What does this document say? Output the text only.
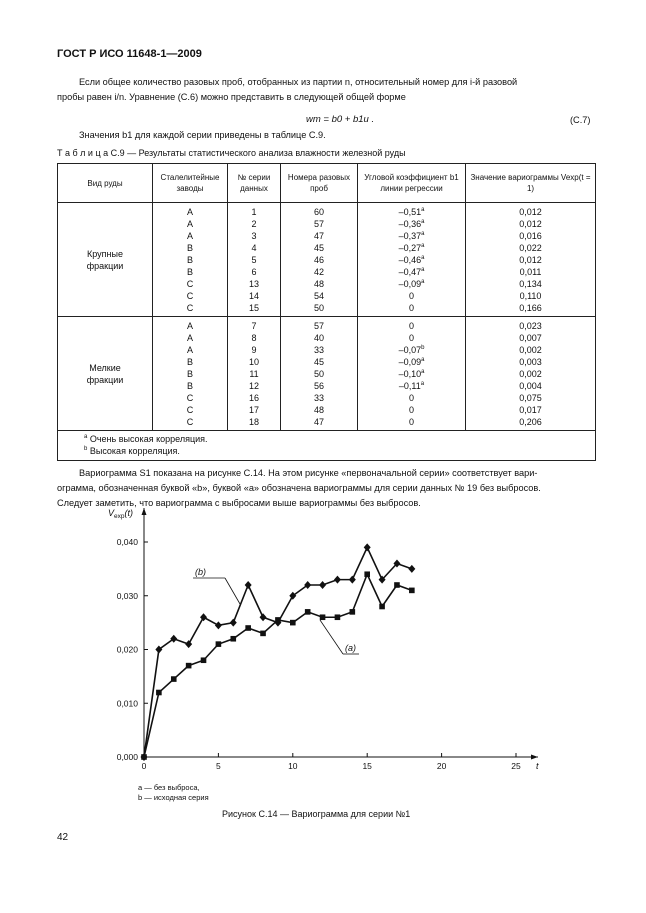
ГОСТ Р ИСО 11648-1—2009
Если общее количество разовых проб, отобранных из партии n, относительный номер для i-й разовой
пробы равен i/n. Уравнение (С.6) можно представить в следующей общей форме
wm = b0 + b1u .	(С.7)
Значения b1 для каждой серии приведены в таблице С.9.
Т а б л и ц а С.9 — Результаты статистического анализа влажности железной руды
Вид руды	Сталелитейные заводы	№ серии данных	Номера разовых проб	Угловой коэффициент b1 линии регрессии	Значение вариограммы Vexp(t = 1)
Крупные
фракции	A	1	60	–0,51$^a$	0,012
	A	2	57	–0,36$^a$	0,012
	A	3	47	–0,37$^a$	0,016
	B	4	45	–0,27$^a$	0,022
	B	5	46	–0,46$^a$	0,012
	B	6	42	–0,47$^a$	0,011
	C	13	48	–0,09$^a$	0,134
	C	14	54	0	0,110
	C	15	50	0	0,166
Мелкие
фракции	A	7	57	0	0,023
	A	8	40	0	0,007
	A	9	33	–0,07$^b$	0,002
	B	10	45	–0,09$^a$	0,003
	B	11	50	–0,10$^a$	0,002
	B	12	56	–0,11$^a$	0,004
	C	16	33	0	0,075
	C	17	48	0	0,017
	C	18	47	0	0,206

$^a$ Очень высокая корреляция.
$^b$ Высокая корреляция.					
Вариограмма S1 показана на рисунке С.14. На этом рисунке «первоначальной серии» соответствует вари-
ограмма, обозначенная буквой «b», буквой «a» обозначена вариограммы для серии данных № 19 без выбросов.
Следует заметить, что вариограмма с выбросами выше вариограммы без выбросов.
0	5	10	15	20	25
0,000
0,010
0,020
0,030
0,040
$V_{exp}(t)$
t
(b)
(a)
a — без выброса,
b — исходная серия
Рисунок С.14 — Вариограмма для серии №1
42
